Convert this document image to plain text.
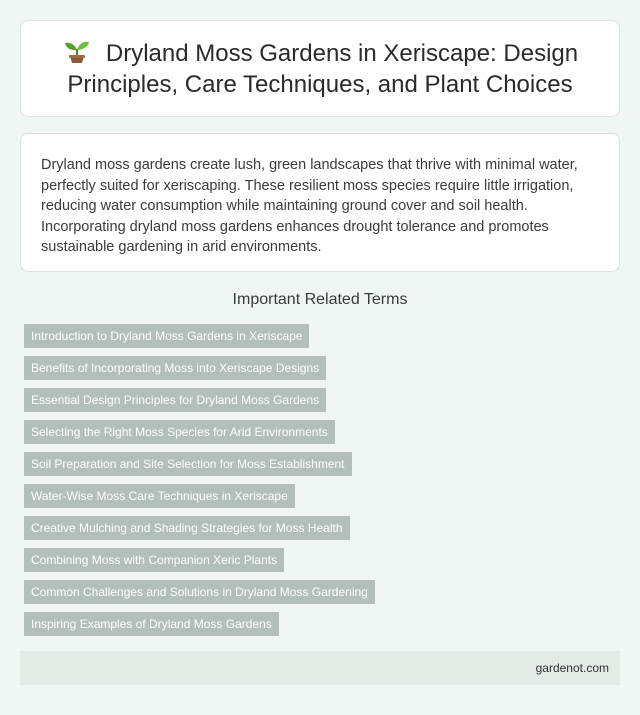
Dryland Moss Gardens in Xeriscape: Design Principles, Care Techniques, and Plant Choices

Dryland moss gardens create lush, green landscapes that thrive with minimal water, perfectly suited for xeriscaping. These resilient moss species require little irrigation, reducing water consumption while maintaining ground cover and soil health. Incorporating dryland moss gardens enhances drought tolerance and promotes sustainable gardening in arid environments.

Important Related Terms
Introduction to Dryland Moss Gardens in Xeriscape
Benefits of Incorporating Moss into Xeriscape Designs
Essential Design Principles for Dryland Moss Gardens
Selecting the Right Moss Species for Arid Environments
Soil Preparation and Site Selection for Moss Establishment
Water-Wise Moss Care Techniques in Xeriscape
Creative Mulching and Shading Strategies for Moss Health
Combining Moss with Companion Xeric Plants
Common Challenges and Solutions in Dryland Moss Gardening
Inspiring Examples of Dryland Moss Gardens
gardenot.com
